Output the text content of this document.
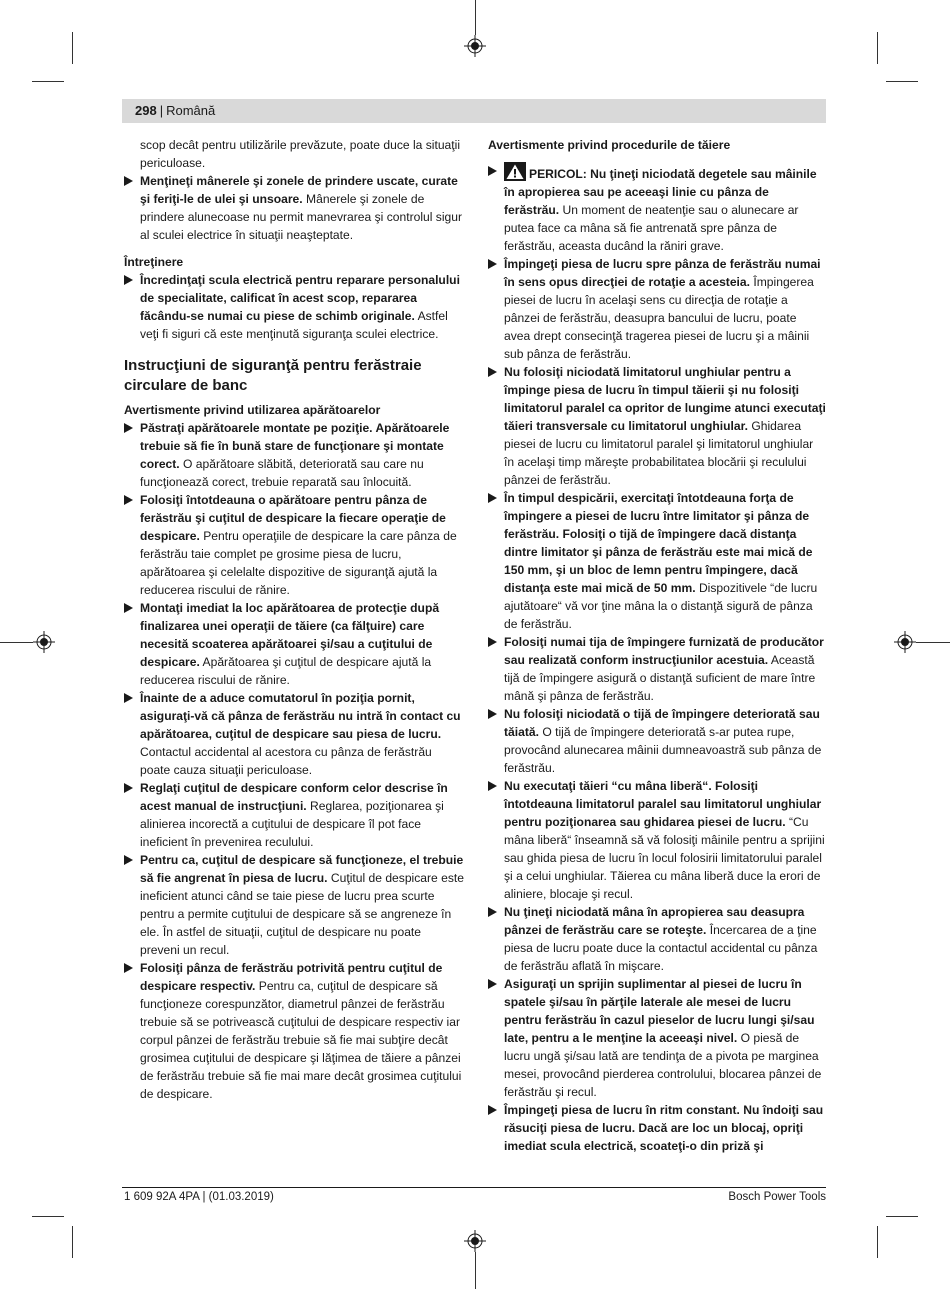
298 | Română

scop decât pentru utilizările prevăzute, poate duce la situaţii periculoase.

Menţineţi mânerele şi zonele de prindere uscate, curate şi feriţi-le de ulei şi unsoare. Mânerele şi zonele de prindere alunecoase nu permit manevrarea şi controlul sigur al sculei electrice în situaţii neaşteptate.

Întreţinere

Încredinţaţi scula electrică pentru reparare personalului de specialitate, calificat în acest scop, repararea făcându-se numai cu piese de schimb originale. Astfel veţi fi siguri că este menţinută siguranţa sculei electrice.

Instrucţiuni de siguranţă pentru ferăstraie circulare de banc

Avertismente privind utilizarea apărătoarelor

Păstraţi apărătoarele montate pe poziţie. Apărătoarele trebuie să fie în bună stare de funcţionare şi montate corect. O apărătoare slăbită, deteriorată sau care nu funcţionează corect, trebuie reparată sau înlocuită.
Folosiţi întotdeauna o apărătoare pentru pânza de ferăstrău şi cuţitul de despicare la fiecare operaţie de despicare. Pentru operaţiile de despicare la care pânza de ferăstrău taie complet pe grosime piesa de lucru, apărătoarea şi celelalte dispozitive de siguranţă ajută la reducerea riscului de rănire.
Montaţi imediat la loc apărătoarea de protecţie după finalizarea unei operaţii de tăiere (ca fălţuire) care necesită scoaterea apărătoarei şi/sau a cuţitului de despicare. Apărătoarea şi cuţitul de despicare ajută la reducerea riscului de rănire.
Înainte de a aduce comutatorul în poziţia pornit, asiguraţi-vă că pânza de ferăstrău nu intră în contact cu apărătoarea, cuţitul de despicare sau piesa de lucru. Contactul accidental al acestora cu pânza de ferăstrău poate cauza situaţii periculoase.
Reglaţi cuţitul de despicare conform celor descrise în acest manual de instrucţiuni. Reglarea, poziţionarea şi alinierea incorectă a cuţitului de despicare îl pot face ineficient în prevenirea reculului.
Pentru ca, cuţitul de despicare să funcţioneze, el trebuie să fie angrenat în piesa de lucru. Cuţitul de despicare este ineficient atunci când se taie piese de lucru prea scurte pentru a permite cuţitului de despicare să se angreneze în ele. În astfel de situaţii, cuţitul de despicare nu poate preveni un recul.
Folosiţi pânza de ferăstrău potrivită pentru cuţitul de despicare respectiv. Pentru ca, cuţitul de despicare să funcţioneze corespunzător, diametrul pânzei de ferăstrău trebuie să se potrivească cuţitului de despicare respectiv iar corpul pânzei de ferăstrău trebuie să fie mai subţire decât grosimea cuţitului de despicare şi lăţimea de tăiere a pânzei de ferăstrău trebuie să fie mai mare decât grosimea cuţitului de despicare.

Avertismente privind procedurile de tăiere

PERICOL: Nu ţineţi niciodată degetele sau mâinile în apropierea sau pe aceeaşi linie cu pânza de ferăstrău. Un moment de neatenţie sau o alunecare ar putea face ca mâna să fie antrenată spre pânza de ferăstrău, aceasta ducând la răniri grave.
Împingeţi piesa de lucru spre pânza de ferăstrău numai în sens opus direcţiei de rotaţie a acesteia. Împingerea piesei de lucru în acelaşi sens cu direcţia de rotaţie a pânzei de ferăstrău, deasupra bancului de lucru, poate avea drept consecinţă tragerea piesei de lucru şi a mâinii sub pânza de ferăstrău.
Nu folosiţi niciodată limitatorul unghiular pentru a împinge piesa de lucru în timpul tăierii şi nu folosiţi limitatorul paralel ca opritor de lungime atunci executaţi tăieri transversale cu limitatorul unghiular. Ghidarea piesei de lucru cu limitatorul paralel şi limitatorul unghiular în acelaşi timp măreşte probabilitatea blocării şi reculului pânzei de ferăstrău.
În timpul despicării, exercitaţi întotdeauna forţa de împingere a piesei de lucru între limitator şi pânza de ferăstrău. Folosiţi o tijă de împingere dacă distanţa dintre limitator şi pânza de ferăstrău este mai mică de 150 mm, şi un bloc de lemn pentru împingere, dacă distanţa este mai mică de 50 mm. Dispozitivele “de lucru ajutătoare“ vă vor ţine mâna la o distanţă sigură de pânza de ferăstrău.
Folosiţi numai tija de împingere furnizată de producător sau realizată conform instrucţiunilor acestuia. Această tijă de împingere asigură o distanţă suficient de mare între mână şi pânza de ferăstrău.
Nu folosiţi niciodată o tijă de împingere deteriorată sau tăiată. O tijă de împingere deteriorată s-ar putea rupe, provocând alunecarea mâinii dumneavoastră sub pânza de ferăstrău.
Nu executaţi tăieri “cu mâna liberă“. Folosiţi întotdeauna limitatorul paralel sau limitatorul unghiular pentru poziţionarea sau ghidarea piesei de lucru. “Cu mâna liberă“ înseamnă să vă folosiţi mâinile pentru a sprijini sau ghida piesa de lucru în locul folosirii limitatorului paralel şi a celui unghiular. Tăierea cu mâna liberă duce la erori de aliniere, blocaje şi recul.
Nu ţineţi niciodată mâna în apropierea sau deasupra pânzei de ferăstrău care se roteşte. Încercarea de a ţine piesa de lucru poate duce la contactul accidental cu pânza de ferăstrău aflată în mişcare.
Asiguraţi un sprijin suplimentar al piesei de lucru în spatele şi/sau în părţile laterale ale mesei de lucru pentru ferăstrău în cazul pieselor de lucru lungi şi/sau late, pentru a le menţine la aceeaşi nivel. O piesă de lucru ungă şi/sau lată are tendinţa de a pivota pe marginea mesei, provocând pierderea controlului, blocarea pânzei de ferăstrău şi recul.
Împingeţi piesa de lucru în ritm constant. Nu îndoiţi sau răsuciţi piesa de lucru. Dacă are loc un blocaj, opriţi imediat scula electrică, scoateţi-o din priză şi
1 609 92A 4PA | (01.03.2019)	Bosch Power Tools
